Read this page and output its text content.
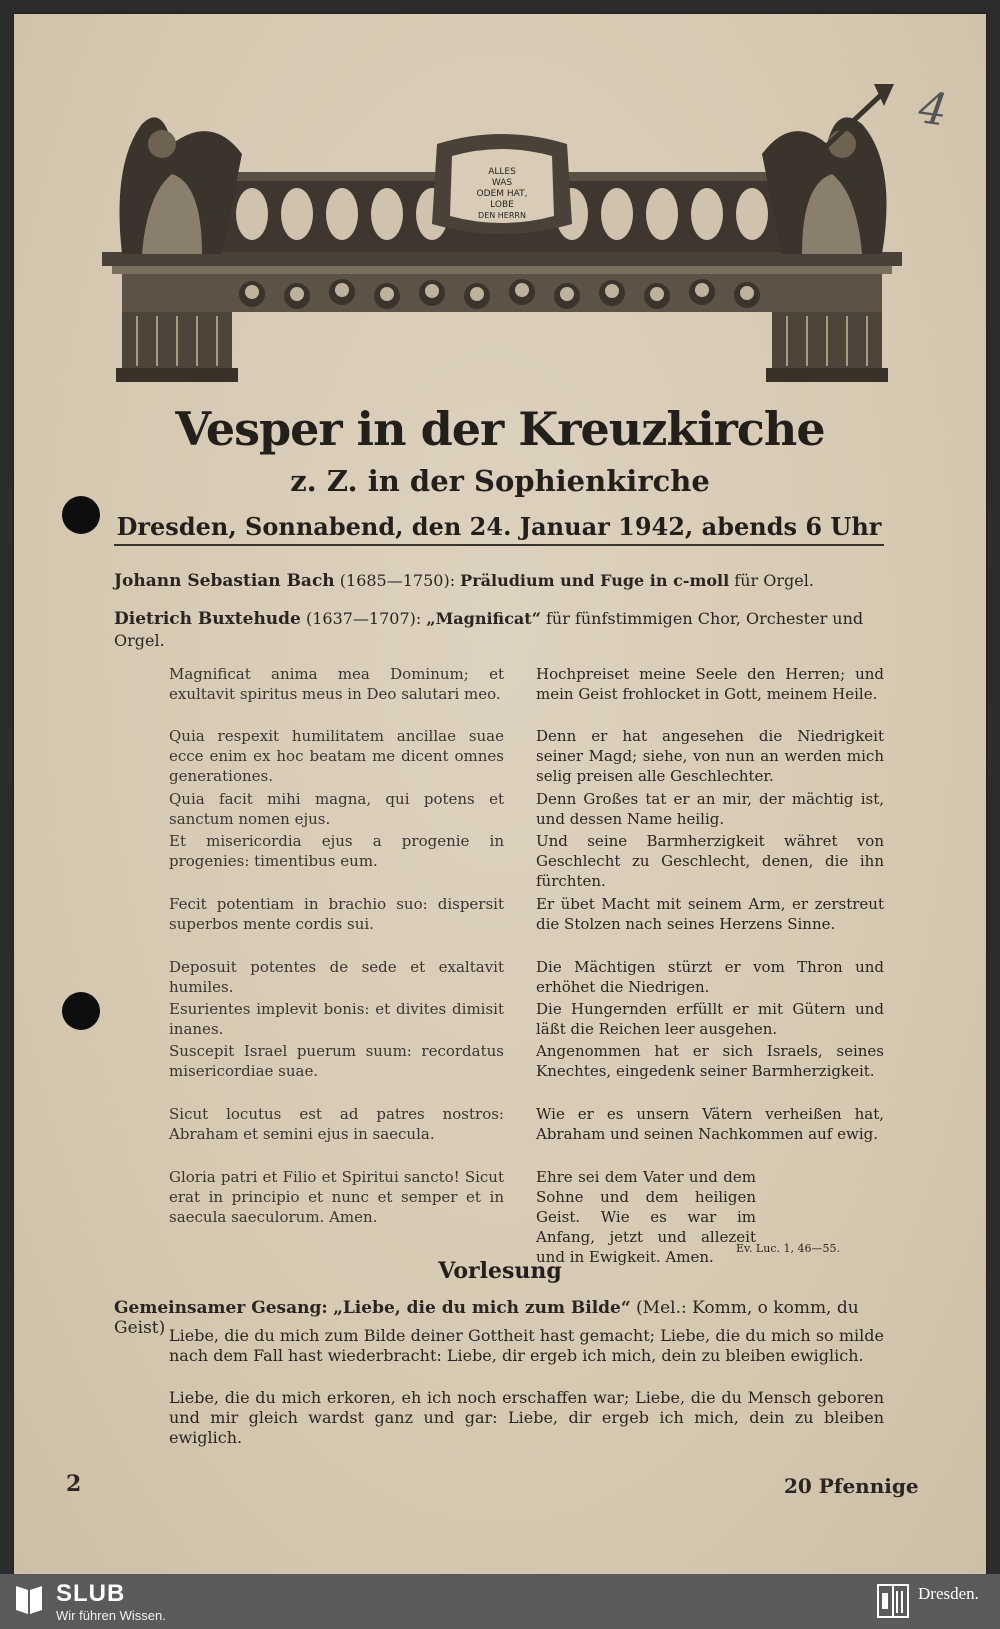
4
ALLES
WAS
ODEM HAT,
LOBE
DEN HERRN
Vesper in der Kreuzkirche
z. Z. in der Sophienkirche
Dresden, Sonnabend, den 24. Januar 1942, abends 6 Uhr
Johann Sebastian Bach (1685—1750): Präludium und Fuge in c-moll für Orgel.
Dietrich Buxtehude (1637—1707): „Magnificat“ für fünfstimmigen Chor, Orchester und Orgel.
Magnificat anima mea Dominum; et exultavit spiritus meus in Deo salutari meo.
Quia respexit humilitatem ancillae suae ecce enim ex hoc beatam me dicent omnes generationes.
Quia facit mihi magna, qui potens et sanctum nomen ejus.
Et misericordia ejus a progenie in progenies: timentibus eum.
Fecit potentiam in brachio suo: dispersit superbos mente cordis sui.
Deposuit potentes de sede et exaltavit humiles.
Esurientes implevit bonis: et divites dimisit inanes.
Suscepit Israel puerum suum: recordatus misericordiae suae.
Sicut locutus est ad patres nostros: Abraham et semini ejus in saecula.
Gloria patri et Filio et Spiritui sancto! Sicut erat in principio et nunc et semper et in saecula saeculorum. Amen.
Hochpreiset meine Seele den Herren; und mein Geist frohlocket in Gott, meinem Heile.
Denn er hat angesehen die Niedrigkeit seiner Magd; siehe, von nun an werden mich selig preisen alle Geschlechter.
Denn Großes tat er an mir, der mächtig ist, und dessen Name heilig.
Und seine Barmherzigkeit währet von Geschlecht zu Geschlecht, denen, die ihn fürchten.
Er übet Macht mit seinem Arm, er zerstreut die Stolzen nach seines Herzens Sinne.
Die Mächtigen stürzt er vom Thron und erhöhet die Niedrigen.
Die Hungernden erfüllt er mit Gütern und läßt die Reichen leer ausgehen.
Angenommen hat er sich Israels, seines Knechtes, eingedenk seiner Barmherzigkeit.
Wie er es unsern Vätern verheißen hat, Abraham und seinen Nachkommen auf ewig.
Ehre sei dem Vater und dem Sohne und dem heiligen Geist. Wie es war im Anfang, jetzt und allezeit und in Ewigkeit. Amen.	Ev. Luc. 1, 46—55.
Vorlesung
Gemeinsamer Gesang: „Liebe, die du mich zum Bilde“ (Mel.: Komm, o komm, du Geist) Liebe, die du mich zum Bilde deiner Gottheit hast gemacht; Liebe, die du mich so milde nach dem Fall hast wiederbracht: Liebe, dir ergeb ich mich, dein zu bleiben ewiglich.
Liebe, die du mich erkoren, eh ich noch erschaffen war; Liebe, die du Mensch geboren und mir gleich wardst ganz und gar: Liebe, dir ergeb ich mich, dein zu bleiben ewiglich.
2	20 Pfennige
SLUB
Wir führen Wissen.
Dresden.
